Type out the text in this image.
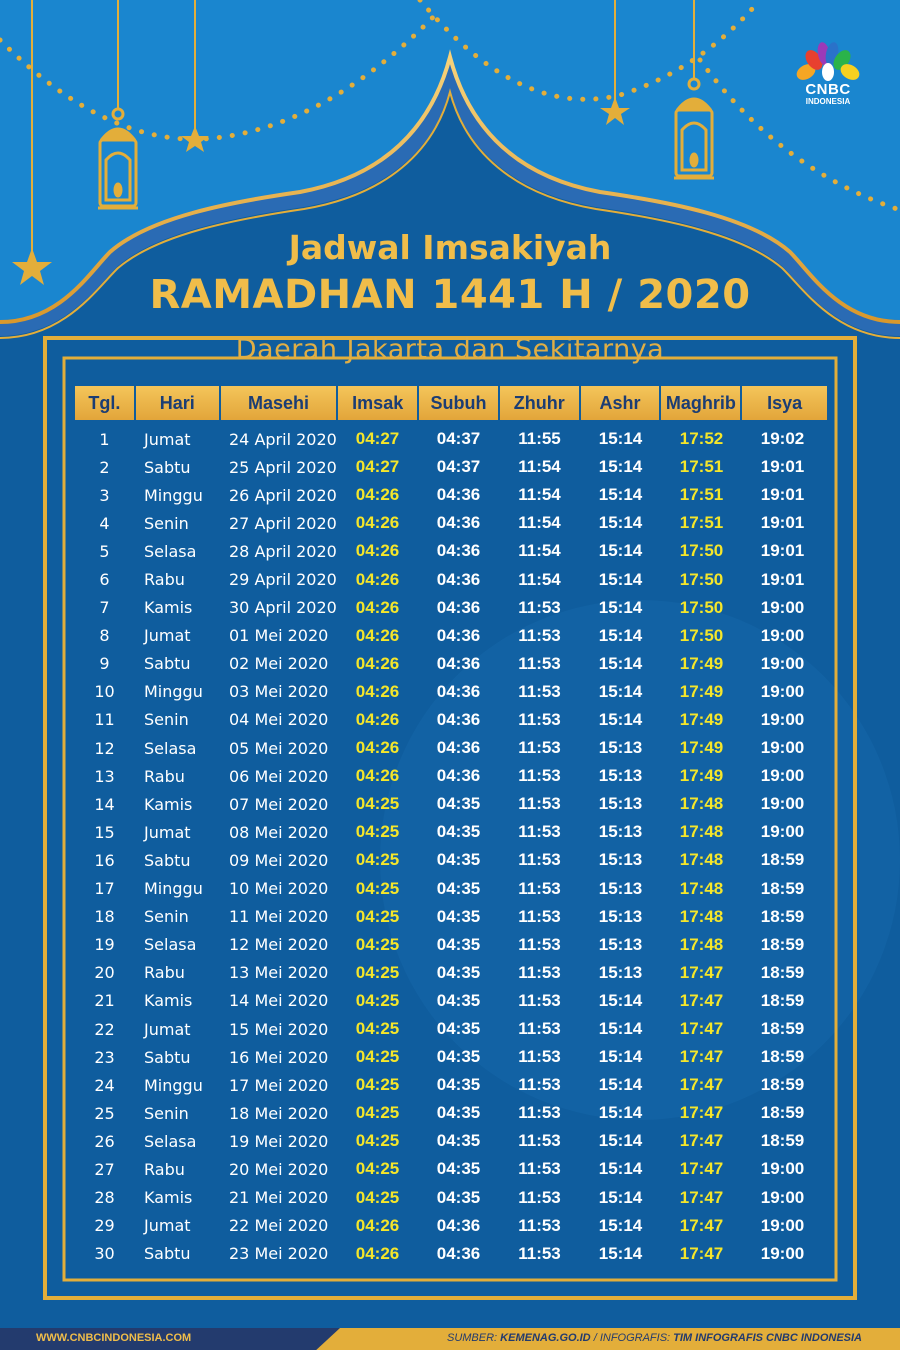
CNBC
INDONESIA
Jadwal Imsakiyah
RAMADHAN 1441 H / 2020
Daerah Jakarta dan Sekitarnya
Tgl.	Hari	Masehi	Imsak	Subuh	Zhuhr	Ashr	Maghrib	Isya
1	Jumat	24 April 2020	04:27	04:37	11:55	15:14	17:52	19:02
2	Sabtu	25 April 2020	04:27	04:37	11:54	15:14	17:51	19:01
3	Minggu	26 April 2020	04:26	04:36	11:54	15:14	17:51	19:01
4	Senin	27 April 2020	04:26	04:36	11:54	15:14	17:51	19:01
5	Selasa	28 April 2020	04:26	04:36	11:54	15:14	17:50	19:01
6	Rabu	29 April 2020	04:26	04:36	11:54	15:14	17:50	19:01
7	Kamis	30 April 2020	04:26	04:36	11:53	15:14	17:50	19:00
8	Jumat	01 Mei 2020	04:26	04:36	11:53	15:14	17:50	19:00
9	Sabtu	02 Mei 2020	04:26	04:36	11:53	15:14	17:49	19:00
10	Minggu	03 Mei 2020	04:26	04:36	11:53	15:14	17:49	19:00
11	Senin	04 Mei 2020	04:26	04:36	11:53	15:14	17:49	19:00
12	Selasa	05 Mei 2020	04:26	04:36	11:53	15:13	17:49	19:00
13	Rabu	06 Mei 2020	04:26	04:36	11:53	15:13	17:49	19:00
14	Kamis	07 Mei 2020	04:25	04:35	11:53	15:13	17:48	19:00
15	Jumat	08 Mei 2020	04:25	04:35	11:53	15:13	17:48	19:00
16	Sabtu	09 Mei 2020	04:25	04:35	11:53	15:13	17:48	18:59
17	Minggu	10 Mei 2020	04:25	04:35	11:53	15:13	17:48	18:59
18	Senin	11 Mei 2020	04:25	04:35	11:53	15:13	17:48	18:59
19	Selasa	12 Mei 2020	04:25	04:35	11:53	15:13	17:48	18:59
20	Rabu	13 Mei 2020	04:25	04:35	11:53	15:13	17:47	18:59
21	Kamis	14 Mei 2020	04:25	04:35	11:53	15:14	17:47	18:59
22	Jumat	15 Mei 2020	04:25	04:35	11:53	15:14	17:47	18:59
23	Sabtu	16 Mei 2020	04:25	04:35	11:53	15:14	17:47	18:59
24	Minggu	17 Mei 2020	04:25	04:35	11:53	15:14	17:47	18:59
25	Senin	18 Mei 2020	04:25	04:35	11:53	15:14	17:47	18:59
26	Selasa	19 Mei 2020	04:25	04:35	11:53	15:14	17:47	18:59
27	Rabu	20 Mei 2020	04:25	04:35	11:53	15:14	17:47	19:00
28	Kamis	21 Mei 2020	04:25	04:35	11:53	15:14	17:47	19:00
29	Jumat	22 Mei 2020	04:26	04:36	11:53	15:14	17:47	19:00
30	Sabtu	23 Mei 2020	04:26	04:36	11:53	15:14	17:47	19:00
WWW.CNBCINDONESIA.COM	SUMBER: KEMENAG.GO.ID / INFOGRAFIS: TIM INFOGRAFIS CNBC INDONESIA
